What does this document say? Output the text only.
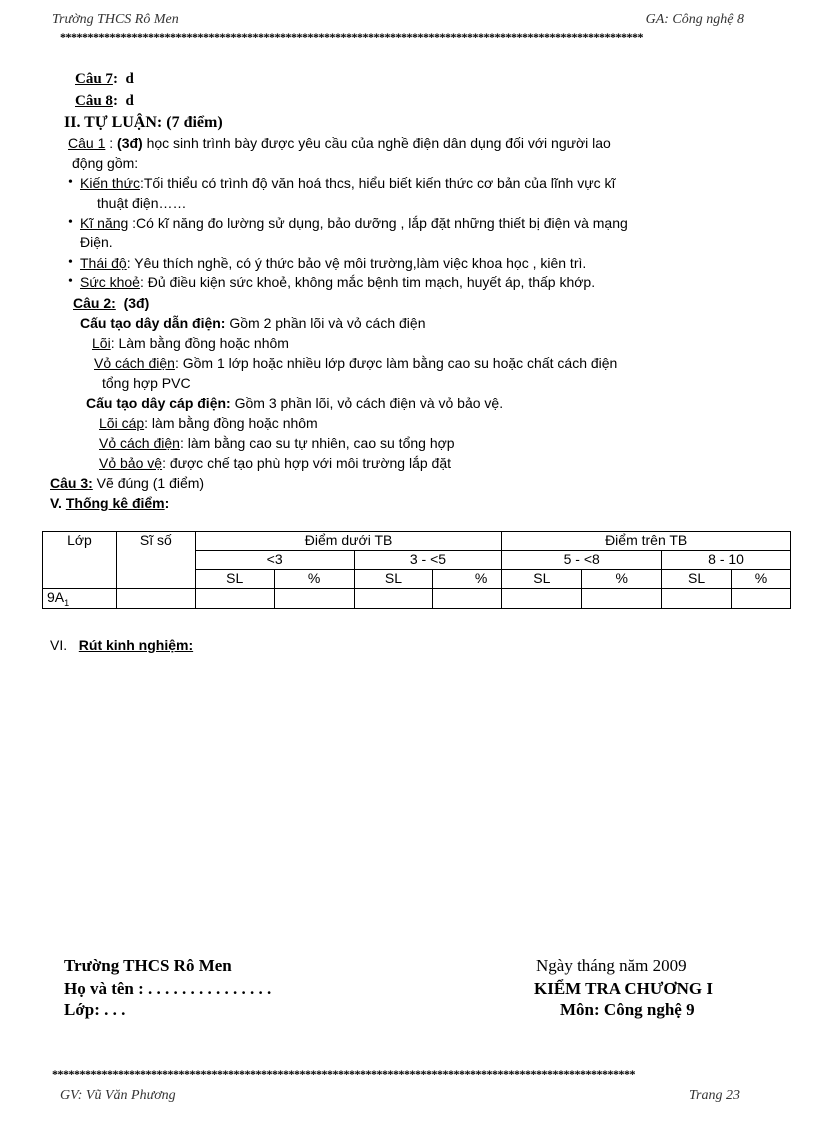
Trường THCS Rô Men	GA: Công nghệ 8
**********************************************************************************************************
Câu 7: d
Câu 8: d
II. TỰ LUẬN: (7 điểm)
Câu 1 : (3đ) học sinh trình bày được yêu cầu của nghề điện dân dụng đối với người lao
động gồm:
• Kiến thức:Tối thiểu có trình độ văn hoá thcs, hiểu biết kiến thức cơ bản của lĩnh vực kĩ
thuật điện……
• Kĩ năng :Có kĩ năng đo lường sử dụng, bảo dưỡng , lắp đặt những thiết bị điện và mạng
Điện.
• Thái độ: Yêu thích nghề, có ý thức bảo vệ môi trường,làm việc khoa học , kiên trì.
• Sức khoẻ: Đủ điều kiện sức khoẻ, không mắc bệnh tim mạch, huyết áp, thấp khớp.
Câu 2: (3đ)
Cấu tạo dây dẫn điện: Gồm 2 phần lõi và vỏ cách điện
Lõi: Làm bằng đồng hoặc nhôm
Vỏ cách điện: Gồm 1 lớp hoặc nhiều lớp được làm bằng cao su hoặc chất cách điện
tổng hợp PVC
Cấu tạo dây cáp điện: Gồm 3 phần lõi, vỏ cách điện và vỏ bảo vệ.
Lõi cáp: làm bằng đồng hoặc nhôm
Vỏ cách điện: làm bằng cao su tự nhiên, cao su tổng hợp
Vỏ bảo vệ: được chế tạo phù hợp với môi trường lắp đặt
Câu 3: Vẽ đúng (1 điểm)
V. Thống kê điểm:
Lớp	Sĩ số	Điểm dưới TB				Điểm trên TB			
		<3		3 - <5		5 - <8		8 - 10	
		SL	%	SL	%	SL	%	SL	%
$9A_1$									
VI. Rút kinh nghiệm:
Trường THCS Rô Men
Họ và tên : . . . . . . . . . . . . . . .
Lớp: . . .
Ngày tháng năm 2009
KIỂM TRA CHƯƠNG I
Môn: Công nghệ 9
**********************************************************************************************************
GV: Vũ Văn Phương	Trang 23
